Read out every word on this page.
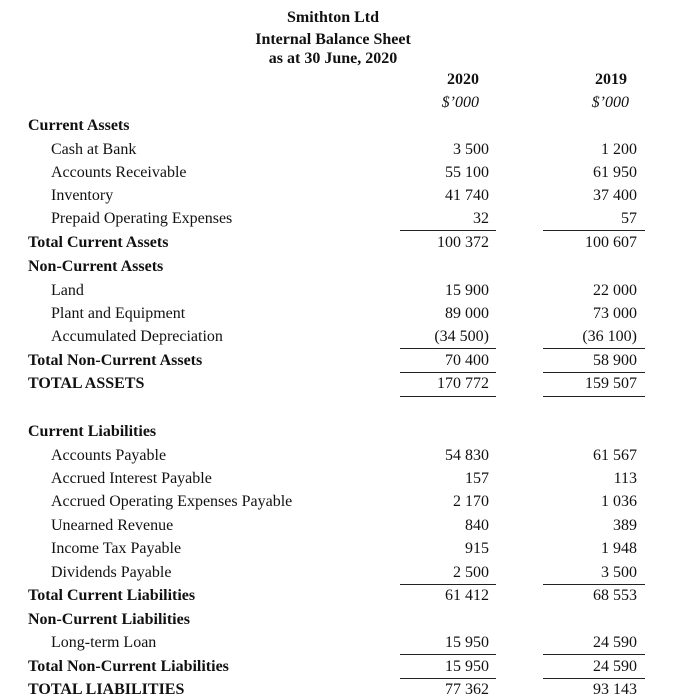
Smithton Ltd
Internal Balance Sheet
as at 30 June, 2020
2020	2019
$’000	$’000
Current Assets
Cash at Bank	3 500	1 200
Accounts Receivable	55 100	61 950
Inventory	41 740	37 400
Prepaid Operating Expenses	32	57
Total Current Assets	100 372	100 607
Non-Current Assets
Land	15 900	22 000
Plant and Equipment	89 000	73 000
Accumulated Depreciation	(34 500)	(36 100)
Total Non-Current Assets	70 400	58 900
TOTAL ASSETS	170 772	159 507
Current Liabilities
Accounts Payable	54 830	61 567
Accrued Interest Payable	157	113
Accrued Operating Expenses Payable	2 170	1 036
Unearned Revenue	840	389
Income Tax Payable	915	1 948
Dividends Payable	2 500	3 500
Total Current Liabilities	61 412	68 553
Non-Current Liabilities
Long-term Loan	15 950	24 590
Total Non-Current Liabilities	15 950	24 590
TOTAL LIABILITIES	77 362	93 143
